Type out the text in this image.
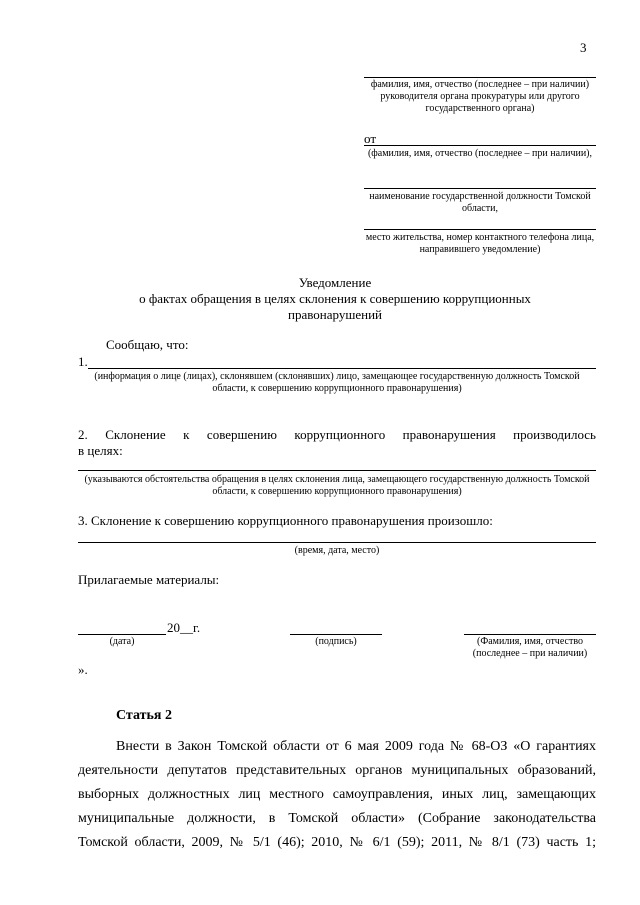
3
фамилия, имя, отчество (последнее – при наличии) руководителя органа прокуратуры или другого государственного органа)
от
(фамилия, имя, отчество (последнее – при наличии),
наименование государственной должности Томской области,
место жительства, номер контактного телефона лица, направившего уведомление)
Уведомление
о фактах обращения в целях склонения к совершению коррупционных
правонарушений
Сообщаю, что:
1.
(информация о лице (лицах), склонявшем (склонявших) лицо, замещающее государственную должность Томской области, к совершению коррупционного правонарушения)
2. Склонение к совершению коррупционного правонарушения производилось
в целях:
(указываются обстоятельства обращения в целях склонения лица, замещающего государственную должность Томской области, к совершению коррупционного правонарушения)
3. Склонение к совершению коррупционного правонарушения произошло:
(время, дата, место)
Прилагаемые материалы:
20__г.
(дата)	(подпись)	(Фамилия, имя, отчество (последнее – при наличии)
».
Статья 2
Внести в Закон Томской области от 6 мая 2009 года № 68-ОЗ «О гарантиях
деятельности депутатов представительных органов муниципальных образований,
выборных должностных лиц местного самоуправления, иных лиц, замещающих
муниципальные должности, в Томской области» (Собрание законодательства
Томской области, 2009, № 5/1 (46); 2010, № 6/1 (59); 2011, № 8/1 (73) часть 1;
